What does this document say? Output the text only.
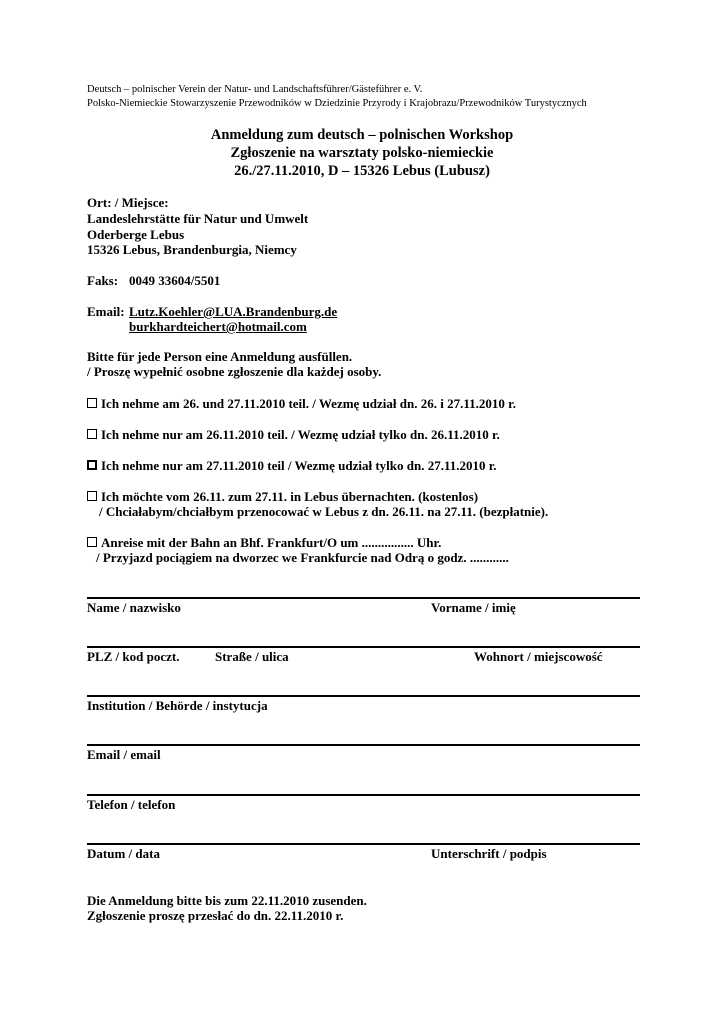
Deutsch – polnischer Verein der Natur- und Landschaftsführer/Gästeführer e. V.
Polsko-Niemieckie Stowarzyszenie Przewodników w Dziedzinie Przyrody i Krajobrazu/Przewodników Turystycznych
Anmeldung zum deutsch – polnischen Workshop
Zgłoszenie na warsztaty polsko-niemieckie
26./27.11.2010, D – 15326 Lebus (Lubusz)
Ort: / Miejsce:
Landeslehrstätte für Natur und Umwelt
Oderberge Lebus
15326 Lebus, Brandenburgia, Niemcy
Faks: 0049 33604/5501
Email: Lutz.Koehler@LUA.Brandenburg.de
burkhardteichert@hotmail.com
Bitte für jede Person eine Anmeldung ausfüllen.
/ Proszę wypełnić osobne zgłoszenie dla każdej osoby.
Ich nehme am 26. und 27.11.2010 teil. / Wezmę udział dn. 26. i 27.11.2010 r.
Ich nehme nur am 26.11.2010 teil. / Wezmę udział tylko dn. 26.11.2010 r.
Ich nehme nur am 27.11.2010 teil / Wezmę udział tylko dn. 27.11.2010 r.
Ich möchte vom 26.11. zum 27.11. in Lebus übernachten. (kostenlos)
/ Chciałabym/chciałbym przenocować w Lebus z dn. 26.11. na 27.11. (bezpłatnie).
Anreise mit der Bahn an Bhf. Frankfurt/O um ................ Uhr.
/ Przyjazd pociągiem na dworzec we Frankfurcie nad Odrą o godz. ............
Name / nazwisko	Vorname / imię
PLZ / kod poczt.	Straße / ulica	Wohnort / miejscowość
Institution / Behörde / instytucja
Email / email
Telefon / telefon
Datum / data	Unterschrift / podpis
Die Anmeldung bitte bis zum 22.11.2010 zusenden.
Zgłoszenie proszę przesłać do dn. 22.11.2010 r.
